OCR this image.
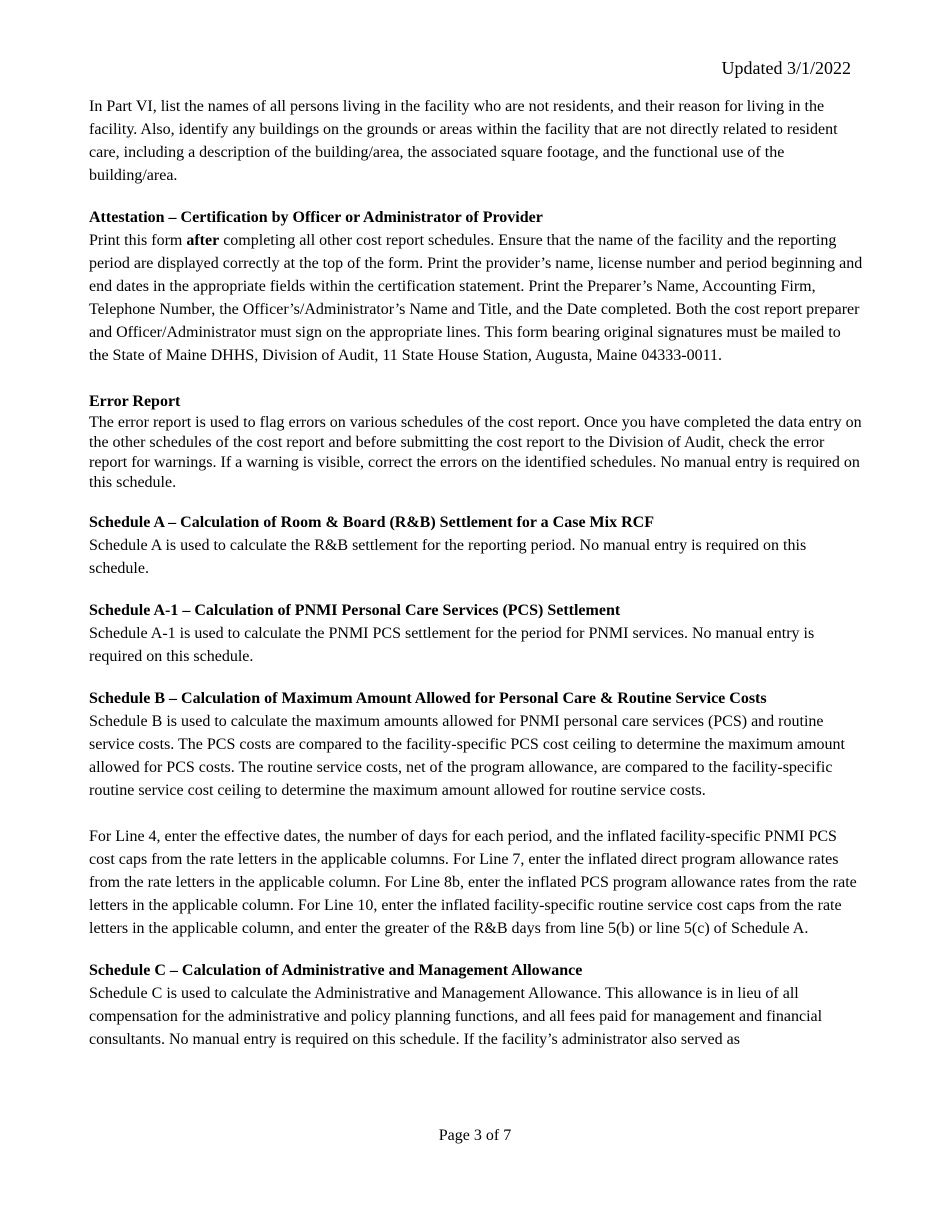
Updated 3/1/2022

In Part VI, list the names of all persons living in the facility who are not residents, and their reason for living in the facility. Also, identify any buildings on the grounds or areas within the facility that are not directly related to resident care, including a description of the building/area, the associated square footage, and the functional use of the building/area.

Attestation – Certification by Officer or Administrator of Provider

Print this form after completing all other cost report schedules. Ensure that the name of the facility and the reporting period are displayed correctly at the top of the form. Print the provider’s name, license number and period beginning and end dates in the appropriate fields within the certification statement. Print the Preparer’s Name, Accounting Firm, Telephone Number, the Officer’s/Administrator’s Name and Title, and the Date completed. Both the cost report preparer and Officer/Administrator must sign on the appropriate lines. This form bearing original signatures must be mailed to the State of Maine DHHS, Division of Audit, 11 State House Station, Augusta, Maine 04333-0011.

Error Report

The error report is used to flag errors on various schedules of the cost report. Once you have completed the data entry on the other schedules of the cost report and before submitting the cost report to the Division of Audit, check the error report for warnings. If a warning is visible, correct the errors on the identified schedules. No manual entry is required on this schedule.

Schedule A – Calculation of Room & Board (R&B) Settlement for a Case Mix RCF

Schedule A is used to calculate the R&B settlement for the reporting period. No manual entry is required on this schedule.

Schedule A-1 – Calculation of PNMI Personal Care Services (PCS) Settlement

Schedule A-1 is used to calculate the PNMI PCS settlement for the period for PNMI services. No manual entry is required on this schedule.

Schedule B – Calculation of Maximum Amount Allowed for Personal Care & Routine Service Costs

Schedule B is used to calculate the maximum amounts allowed for PNMI personal care services (PCS) and routine service costs. The PCS costs are compared to the facility-specific PCS cost ceiling to determine the maximum amount allowed for PCS costs. The routine service costs, net of the program allowance, are compared to the facility-specific routine service cost ceiling to determine the maximum amount allowed for routine service costs.

For Line 4, enter the effective dates, the number of days for each period, and the inflated facility-specific PNMI PCS cost caps from the rate letters in the applicable columns. For Line 7, enter the inflated direct program allowance rates from the rate letters in the applicable column. For Line 8b, enter the inflated PCS program allowance rates from the rate letters in the applicable column. For Line 10, enter the inflated facility-specific routine service cost caps from the rate letters in the applicable column, and enter the greater of the R&B days from line 5(b) or line 5(c) of Schedule A.

Schedule C – Calculation of Administrative and Management Allowance

Schedule C is used to calculate the Administrative and Management Allowance. This allowance is in lieu of all compensation for the administrative and policy planning functions, and all fees paid for management and financial consultants. No manual entry is required on this schedule. If the facility’s administrator also served as

Page 3 of 7
